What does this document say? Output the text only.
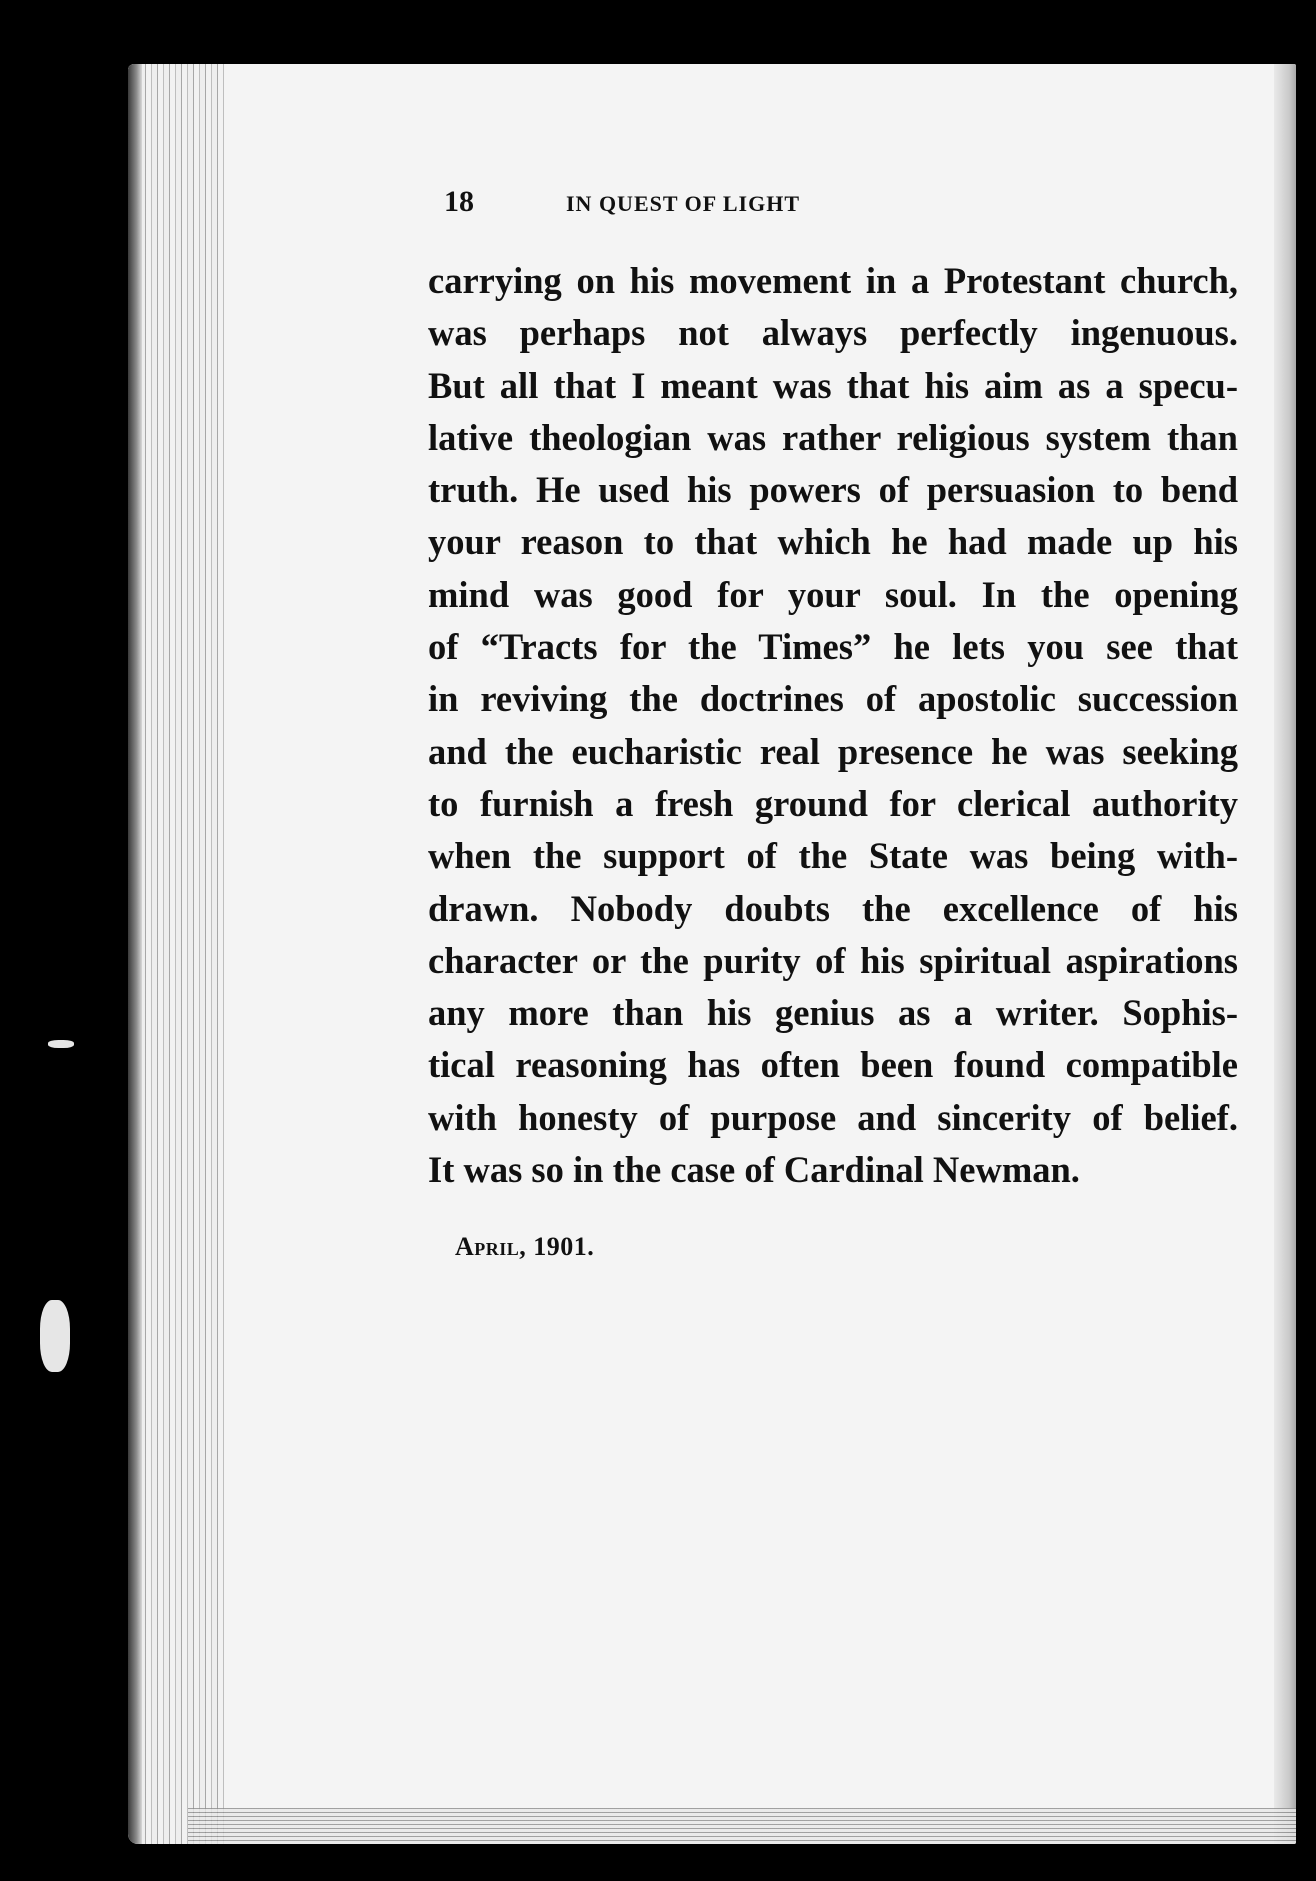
18	IN QUEST OF LIGHT
carrying on his movement in a Protestant church,
was perhaps not always perfectly ingenuous.
But all that I meant was that his aim as a specu-
lative theologian was rather religious system than
truth. He used his powers of persuasion to bend
your reason to that which he had made up his
mind was good for your soul. In the opening
of “Tracts for the Times” he lets you see that
in reviving the doctrines of apostolic succession
and the eucharistic real presence he was seeking
to furnish a fresh ground for clerical authority
when the support of the State was being with-
drawn. Nobody doubts the excellence of his
character or the purity of his spiritual aspirations
any more than his genius as a writer. Sophis-
tical reasoning has often been found compatible
with honesty of purpose and sincerity of belief.
It was so in the case of Cardinal Newman.
April, 1901.
